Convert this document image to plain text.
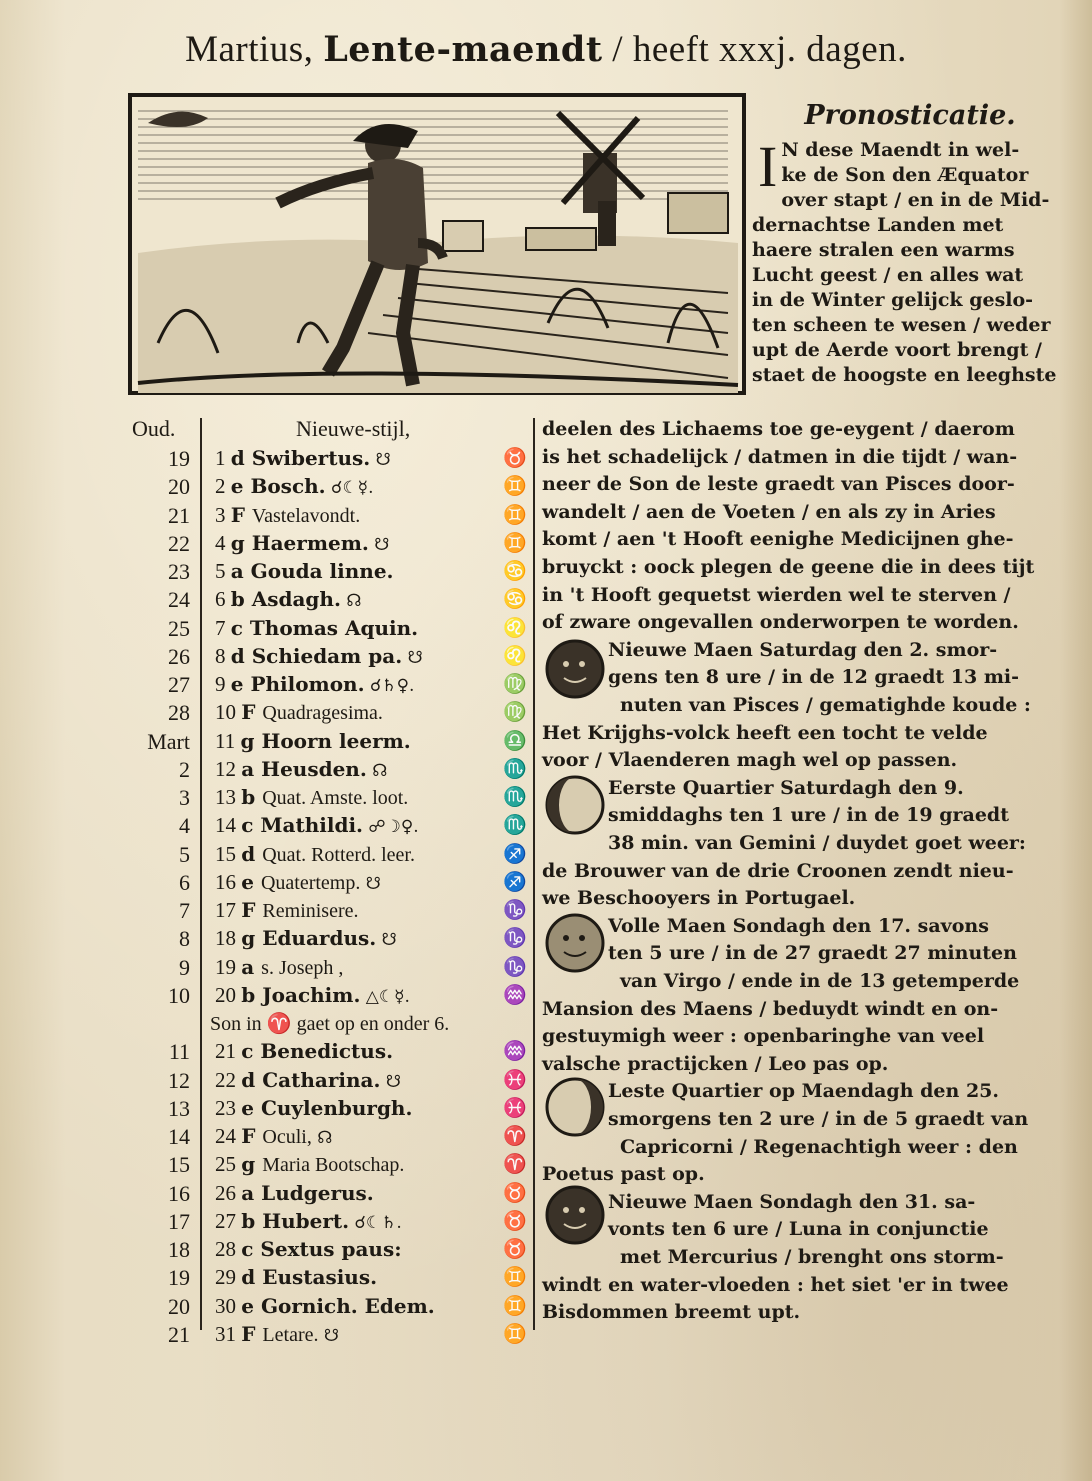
Martius, Lente-maendt / heeft xxxj. dagen.
Pronosticatie.
I N dese Maendt in wel-
ke de Son den Æquator
over stapt / en in de Mid-
dernachtse Landen met
haere stralen een warms
Lucht geest / en alles wat
in de Winter gelijck geslo-
ten scheen te wesen / weder
upt de Aerde voort brengt /
staet de hoogste en leeghste
Oud.	Nieuwe-stijl,
19 1 d Swibertus. ☋	♉
20 2 e Bosch. ☌☾☿.	♊
21 3 F Vastelavondt.	♊
22 4 g Haermem. ☋	♊
23 5 a Gouda linne.	♋
24 6 b Asdagh. ☊	♋
25 7 c Thomas Aquin.	♌
26 8 d Schiedam pa. ☋	♌
27 9 e Philomon. ☌♄♀.	♍
28 10 F Quadragesima.	♍
Mart 11 g Hoorn leerm.	♎
2 12 a Heusden. ☊	♏
3 13 b Quat. Amste. loot.	♏
4 14 c Mathildi. ☍☽♀.	♏
5 15 d Quat. Rotterd. leer.	♐
6 16 e Quatertemp. ☋	♐
7 17 F Reminisere.	♑
8 18 g Eduardus. ☋	♑
9 19 a s. Joseph ,	♑
10 20 b Joachim. △☾☿.	♒
Son in ♈ gaet op en onder 6.
11 21 c Benedictus.	♒
12 22 d Catharina. ☋	♓
13 23 e Cuylenburgh.	♓
14 24 F Oculi, ☊	♈
15 25 g Maria Bootschap.	♈
16 26 a Ludgerus.	♉
17 27 b Hubert. ☌☾♄.	♉
18 28 c Sextus paus:	♉
19 29 d Eustasius.	♊
20 30 e Gornich. Edem.	♊
21 31 F Letare. ☋	♊
deelen des Lichaems toe ge-eygent / daerom
is het schadelijck / datmen in die tijdt / wan-
neer de Son de leste graedt van Pisces door-
wandelt / aen de Voeten / en als zy in Aries
komt / aen 't Hooft eenighe Medicijnen ghe-
bruyckt : oock plegen de geene die in dees tijt
in 't Hooft gequetst wierden wel te sterven /
of zware ongevallen onderworpen te worden.
Nieuwe Maen Saturdag den 2. smor-
gens ten 8 ure / in de 12 graedt 13 mi-
nuten van Pisces / gematighde koude :
Het Krijghs-volck heeft een tocht te velde
voor / Vlaenderen magh wel op passen.
Eerste Quartier Saturdagh den 9.
smiddaghs ten 1 ure / in de 19 graedt
38 min. van Gemini / duydet goet weer:
de Brouwer van de drie Croonen zendt nieu-
we Beschooyers in Portugael.
Volle Maen Sondagh den 17. savons
ten 5 ure / in de 27 graedt 27 minuten
van Virgo / ende in de 13 getemperde
Mansion des Maens / beduydt windt en on-
gestuymigh weer : openbaringhe van veel
valsche practijcken / Leo pas op.
Leste Quartier op Maendagh den 25.
smorgens ten 2 ure / in de 5 graedt van
Capricorni / Regenachtigh weer : den
Poetus past op.
Nieuwe Maen Sondagh den 31. sa-
vonts ten 6 ure / Luna in conjunctie
met Mercurius / brenght ons storm-
windt en water-vloeden : het siet 'er in twee
Bisdommen breemt upt.
